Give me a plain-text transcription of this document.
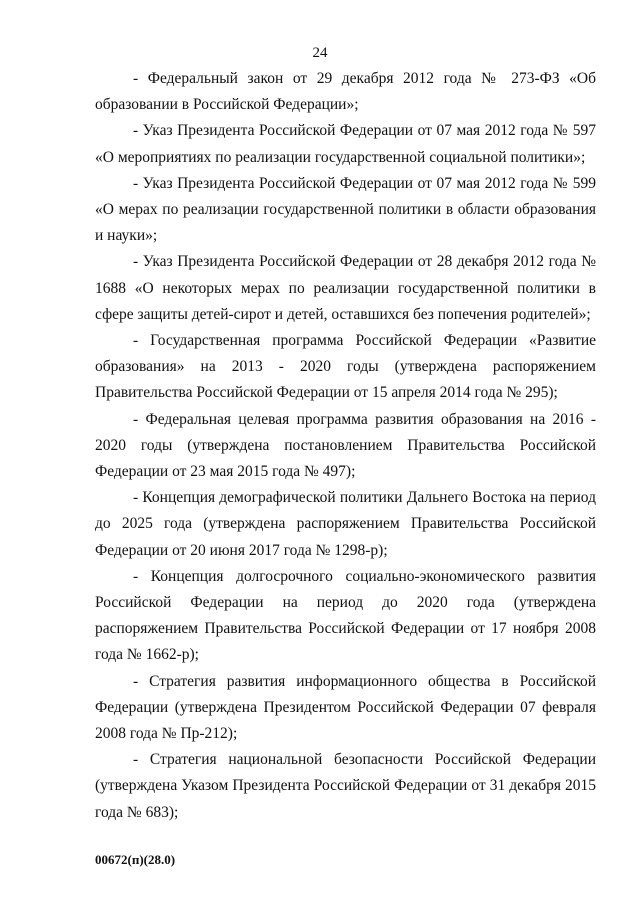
24

- Федеральный закон от 29 декабря 2012 года № 273-ФЗ «Об образовании в Российской Федерации»;

- Указ Президента Российской Федерации от 07 мая 2012 года № 597 «О мероприятиях по реализации государственной социальной политики»;

- Указ Президента Российской Федерации от 07 мая 2012 года № 599 «О мерах по реализации государственной политики в области образования и науки»;

- Указ Президента Российской Федерации от 28 декабря 2012 года № 1688 «О некоторых мерах по реализации государственной политики в сфере защиты детей-сирот и детей, оставшихся без попечения родителей»;

- Государственная программа Российской Федерации «Развитие образования» на 2013 - 2020 годы (утверждена распоряжением Правительства Российской Федерации от 15 апреля 2014 года № 295);

- Федеральная целевая программа развития образования на 2016 - 2020 годы (утверждена постановлением Правительства Российской Федерации от 23 мая 2015 года № 497);

- Концепция демографической политики Дальнего Востока на период до 2025 года (утверждена распоряжением Правительства Российской Федерации от 20 июня 2017 года № 1298-р);

- Концепция долгосрочного социально-экономического развития Российской Федерации на период до 2020 года (утверждена распоряжением Правительства Российской Федерации от 17 ноября 2008 года № 1662-р);

- Стратегия развития информационного общества в Российской Федерации (утверждена Президентом Российской Федерации 07 февраля 2008 года № Пр-212);

- Стратегия национальной безопасности Российской Федерации (утверждена Указом Президента Российской Федерации от 31 декабря 2015 года № 683);

00672(п)(28.0)
